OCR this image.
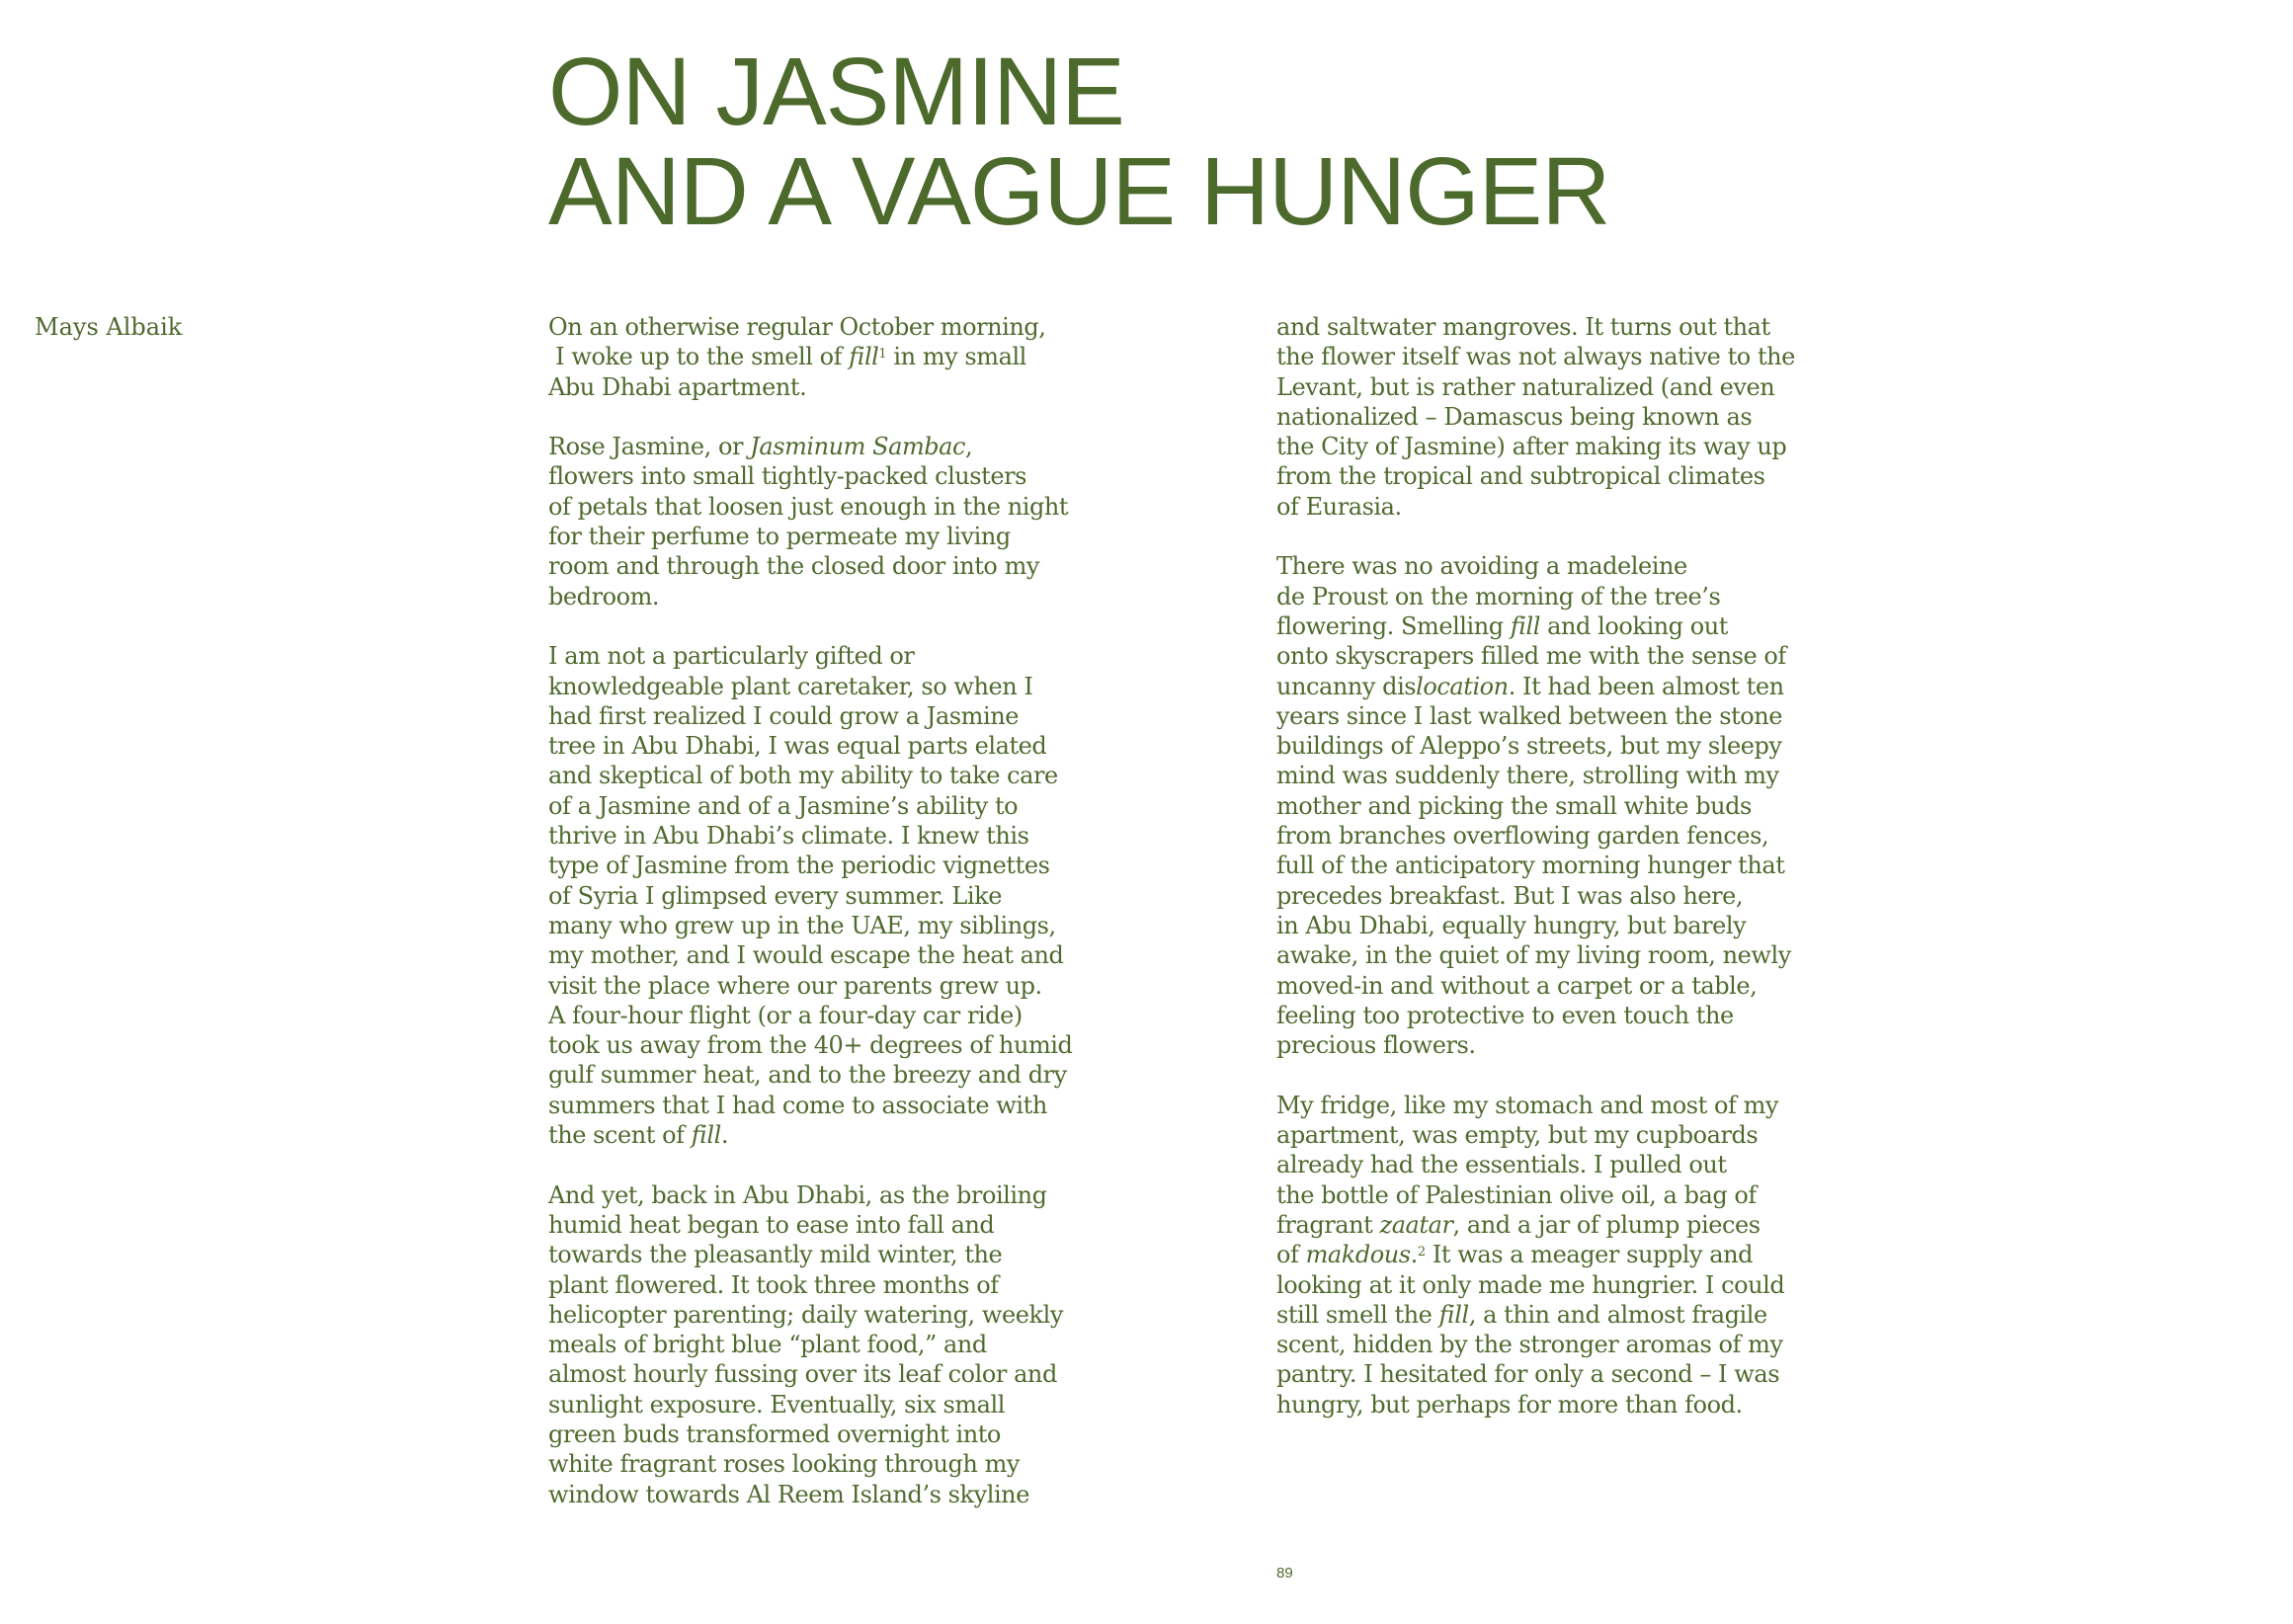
ON JASMINE
AND A VAGUE HUNGER
Mays Albaik	On an otherwise regular October morning,
I woke up to the smell of fill$^1$ in my small
Abu Dhabi apartment.

Rose Jasmine, or Jasminum Sambac,
flowers into small tightly-packed clusters
of petals that loosen just enough in the night
for their perfume to permeate my living
room and through the closed door into my
bedroom.

I am not a particularly gifted or
knowledgeable plant caretaker, so when I
had first realized I could grow a Jasmine
tree in Abu Dhabi, I was equal parts elated
and skeptical of both my ability to take care
of a Jasmine and of a Jasmine’s ability to
thrive in Abu Dhabi’s climate. I knew this
type of Jasmine from the periodic vignettes
of Syria I glimpsed every summer. Like
many who grew up in the UAE, my siblings,
my mother, and I would escape the heat and
visit the place where our parents grew up.
A four-hour flight (or a four-day car ride)
took us away from the 40+ degrees of humid
gulf summer heat, and to the breezy and dry
summers that I had come to associate with
the scent of fill.

And yet, back in Abu Dhabi, as the broiling
humid heat began to ease into fall and
towards the pleasantly mild winter, the
plant flowered. It took three months of
helicopter parenting; daily watering, weekly
meals of bright blue “plant food,” and
almost hourly fussing over its leaf color and
sunlight exposure. Eventually, six small
green buds transformed overnight into
white fragrant roses looking through my
window towards Al Reem Island’s skyline

and saltwater mangroves. It turns out that
the flower itself was not always native to the
Levant, but is rather naturalized (and even
nationalized – Damascus being known as
the City of Jasmine) after making its way up
from the tropical and subtropical climates
of Eurasia.

There was no avoiding a madeleine
de Proust on the morning of the tree’s
flowering. Smelling fill and looking out
onto skyscrapers filled me with the sense of
uncanny dislocation. It had been almost ten
years since I last walked between the stone
buildings of Aleppo’s streets, but my sleepy
mind was suddenly there, strolling with my
mother and picking the small white buds
from branches overflowing garden fences,
full of the anticipatory morning hunger that
precedes breakfast. But I was also here,
in Abu Dhabi, equally hungry, but barely
awake, in the quiet of my living room, newly
moved-in and without a carpet or a table,
feeling too protective to even touch the
precious flowers.

My fridge, like my stomach and most of my
apartment, was empty, but my cupboards
already had the essentials. I pulled out
the bottle of Palestinian olive oil, a bag of
fragrant zaatar, and a jar of plump pieces
of makdous.$^2$ It was a meager supply and
looking at it only made me hungrier. I could
still smell the fill, a thin and almost fragile
scent, hidden by the stronger aromas of my
pantry. I hesitated for only a second – I was
hungry, but perhaps for more than food.

89
